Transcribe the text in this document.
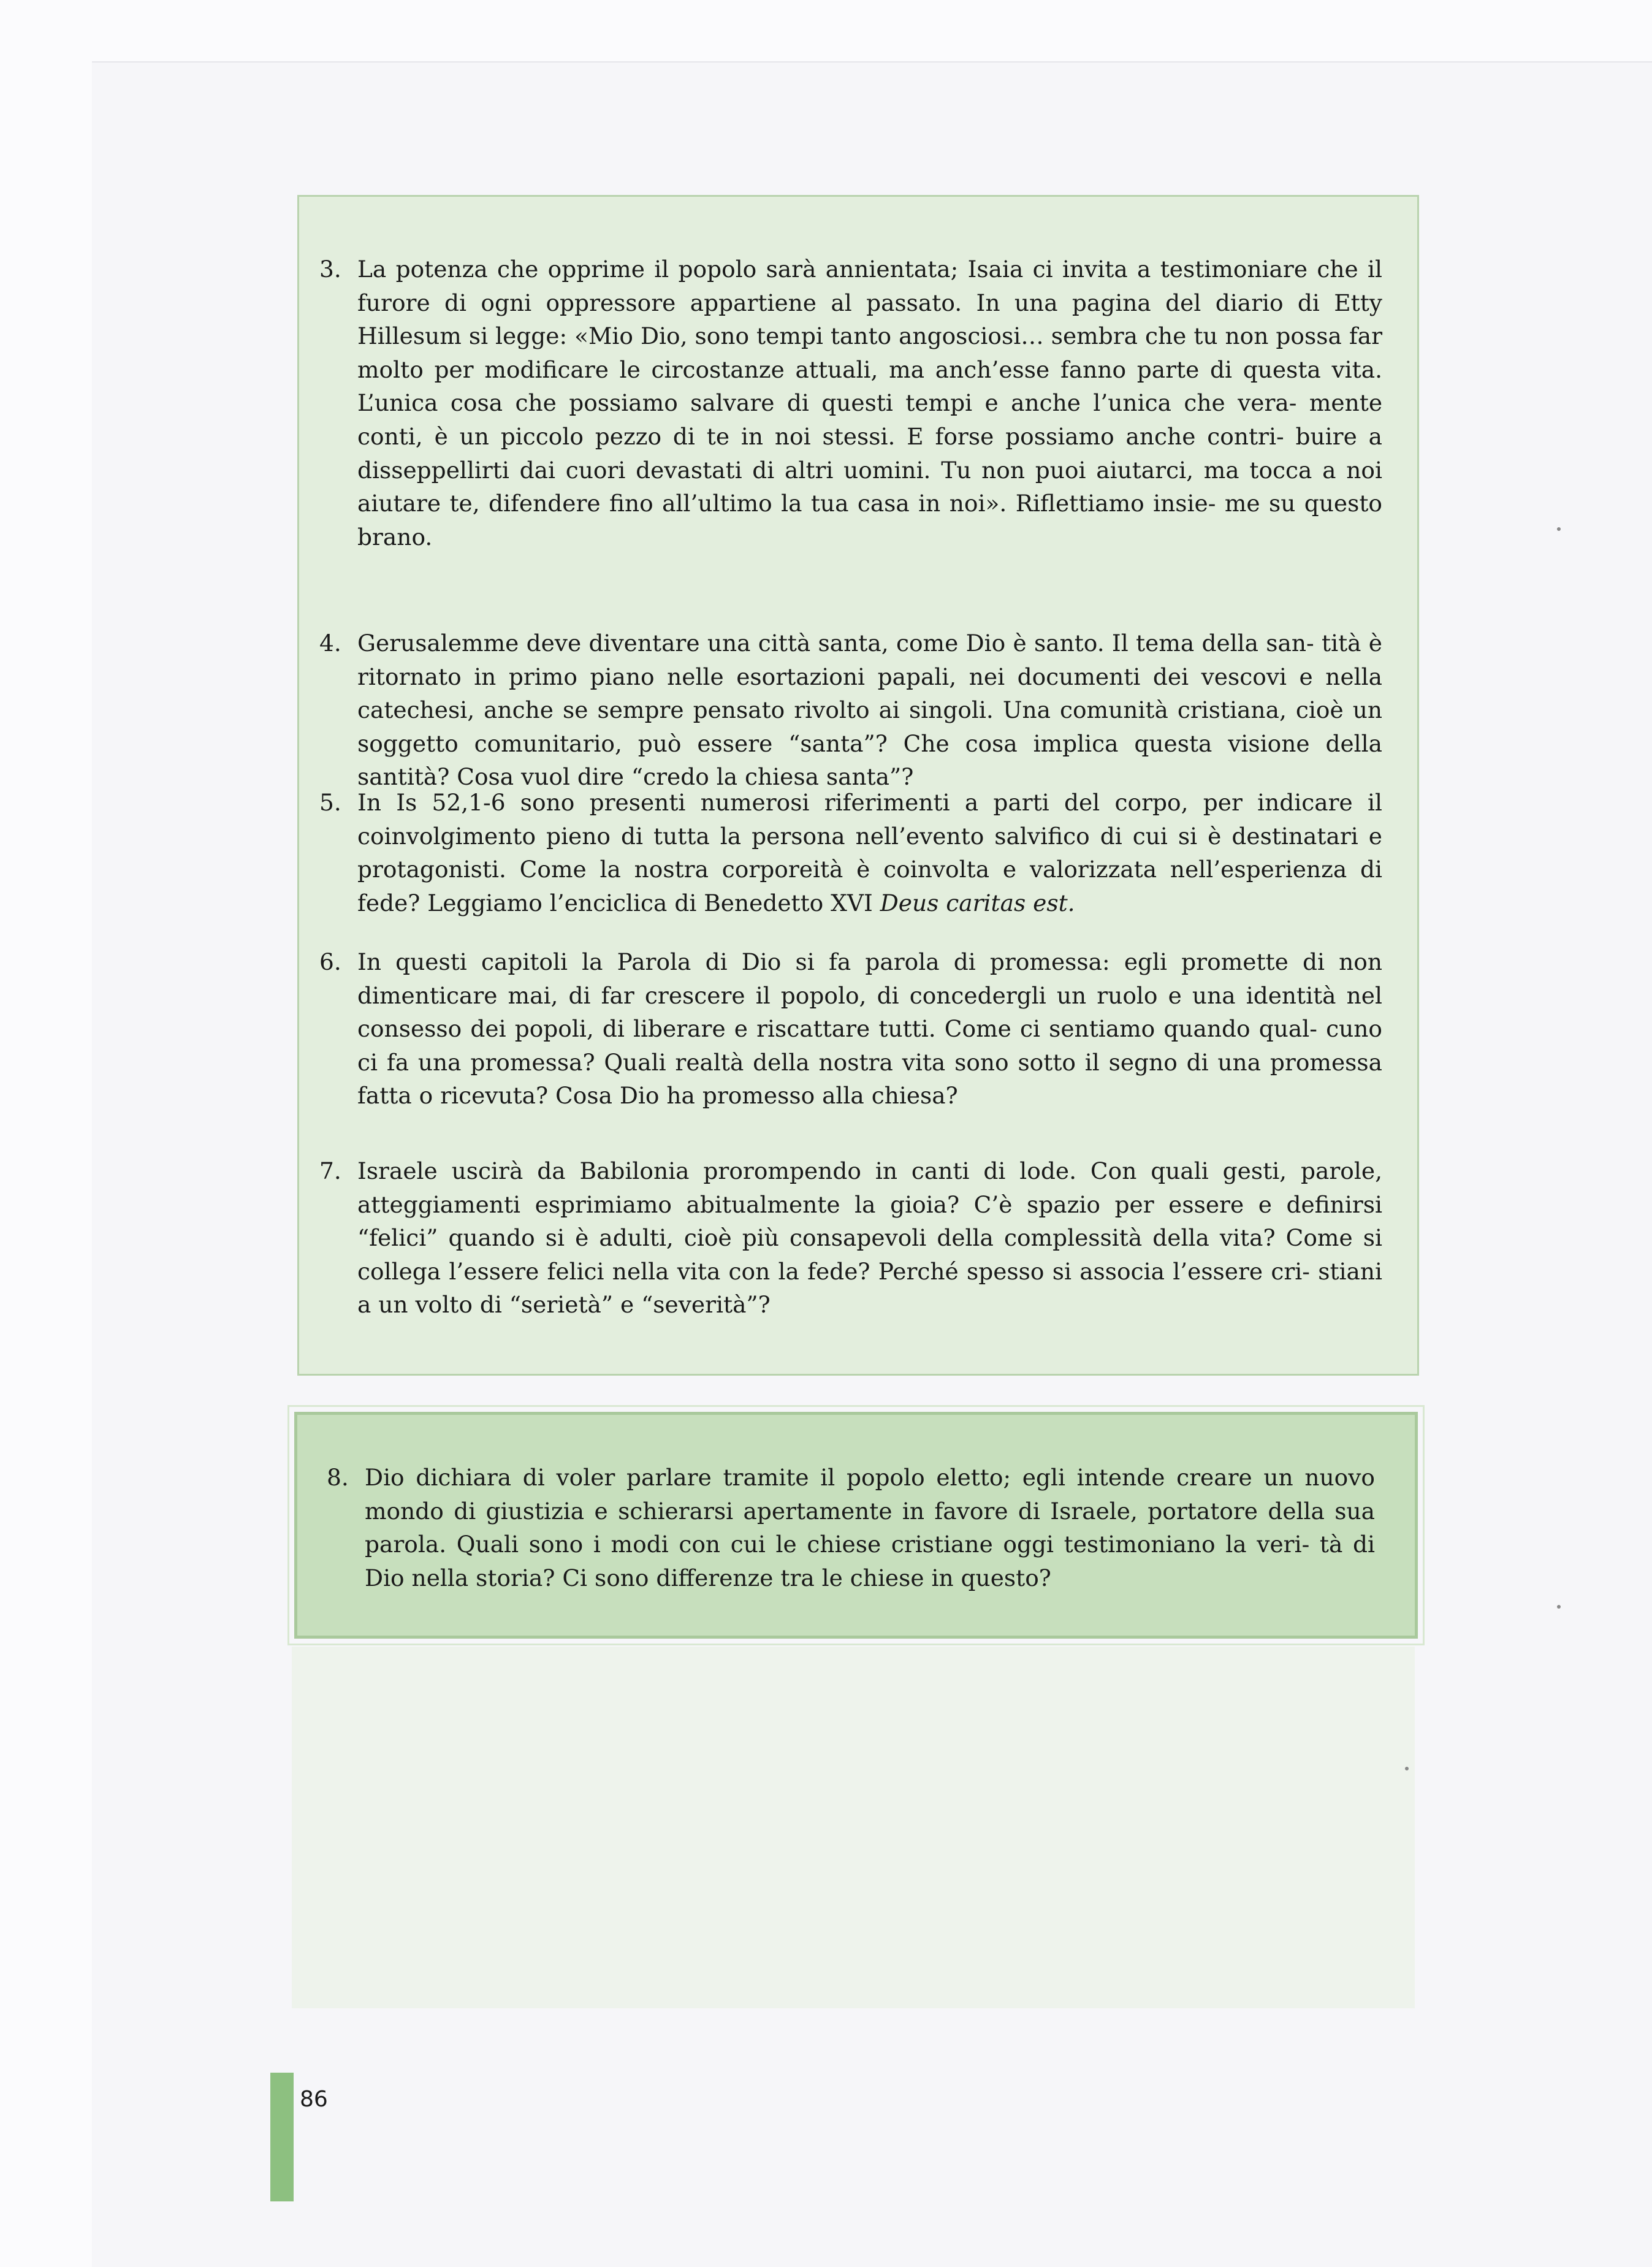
3. La potenza che opprime il popolo sarà annientata; Isaia ci invita a testimoniare che il furore di ogni oppressore appartiene al passato. In una pagina del diario di Etty Hillesum si legge: «Mio Dio, sono tempi tanto angosciosi… sembra che tu non possa far molto per modificare le circostanze attuali, ma anch’esse fanno parte di questa vita. L’unica cosa che possiamo salvare di questi tempi e anche l’unica che vera- mente conti, è un piccolo pezzo di te in noi stessi. E forse possiamo anche contri- buire a disseppellirti dai cuori devastati di altri uomini. Tu non puoi aiutarci, ma tocca a noi aiutare te, difendere fino all’ultimo la tua casa in noi». Riflettiamo insie- me su questo brano.
4. Gerusalemme deve diventare una città santa, come Dio è santo. Il tema della san- tità è ritornato in primo piano nelle esortazioni papali, nei documenti dei vescovi e nella catechesi, anche se sempre pensato rivolto ai singoli. Una comunità cristiana, cioè un soggetto comunitario, può essere “santa”? Che cosa implica questa visione della santità? Cosa vuol dire “credo la chiesa santa”?
5. In Is 52,1-6 sono presenti numerosi riferimenti a parti del corpo, per indicare il coinvolgimento pieno di tutta la persona nell’evento salvifico di cui si è destinatari e protagonisti. Come la nostra corporeità è coinvolta e valorizzata nell’esperienza di fede? Leggiamo l’enciclica di Benedetto XVI Deus caritas est.
6. In questi capitoli la Parola di Dio si fa parola di promessa: egli promette di non dimenticare mai, di far crescere il popolo, di concedergli un ruolo e una identità nel consesso dei popoli, di liberare e riscattare tutti. Come ci sentiamo quando qual- cuno ci fa una promessa? Quali realtà della nostra vita sono sotto il segno di una promessa fatta o ricevuta? Cosa Dio ha promesso alla chiesa?
7. Israele uscirà da Babilonia prorompendo in canti di lode. Con quali gesti, parole, atteggiamenti esprimiamo abitualmente la gioia? C’è spazio per essere e definirsi “felici” quando si è adulti, cioè più consapevoli della complessità della vita? Come si collega l’essere felici nella vita con la fede? Perché spesso si associa l’essere cri- stiani a un volto di “serietà” e “severità”?
8. Dio dichiara di voler parlare tramite il popolo eletto; egli intende creare un nuovo mondo di giustizia e schierarsi apertamente in favore di Israele, portatore della sua parola. Quali sono i modi con cui le chiese cristiane oggi testimoniano la veri- tà di Dio nella storia? Ci sono differenze tra le chiese in questo?
86
